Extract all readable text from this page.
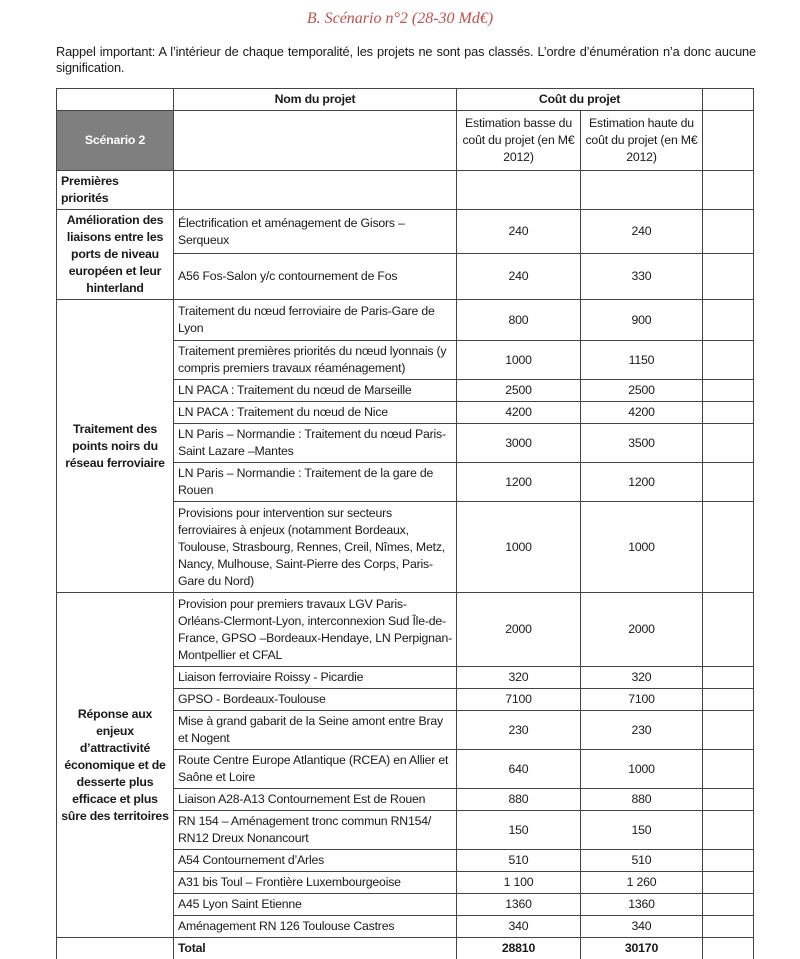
B. Scénario n°2 (28-30 Md€)
Rappel important: A l’intérieur de chaque temporalité, les projets ne sont pas classés. L’ordre d’énumération n’a donc aucune signification.
	Nom du projet	Coût du projet		
Scénario 2		Estimation basse du coût du projet (en M€ 2012)	Estimation haute du coût du projet (en M€ 2012)	
Premières priorités				
Amélioration des liaisons entre les ports de niveau européen et leur hinterland	Électrification et aménagement de Gisors – Serqueux	240	240	
	A56 Fos-Salon y/c contournement de Fos	240	330	
Traitement des points noirs du réseau ferroviaire	Traitement du nœud ferroviaire de Paris-Gare de Lyon	800	900	
	Traitement premières priorités du nœud lyonnais (y compris premiers travaux réaménagement)	1000	1150	
	LN PACA : Traitement du nœud de Marseille	2500	2500	
	LN PACA : Traitement du nœud de Nice	4200	4200	
	LN Paris – Normandie : Traitement du nœud Paris-Saint Lazare –Mantes	3000	3500	
	LN Paris – Normandie : Traitement de la gare de Rouen	1200	1200	
	Provisions pour intervention sur secteurs ferroviaires à enjeux (notamment Bordeaux, Toulouse, Strasbourg, Rennes, Creil, Nîmes, Metz, Nancy, Mulhouse, Saint-Pierre des Corps, Paris-Gare du Nord)	1000	1000	
Réponse aux enjeux d’attractivité économique et de desserte plus efficace et plus sûre des territoires	Provision pour premiers travaux LGV Paris-Orléans-Clermont-Lyon, interconnexion Sud Île-de-France, GPSO –Bordeaux-Hendaye, LN Perpignan-Montpellier et CFAL	2000	2000	
	Liaison ferroviaire Roissy - Picardie	320	320	
	GPSO - Bordeaux-Toulouse	7100	7100	
	Mise à grand gabarit de la Seine amont entre Bray et Nogent	230	230	
	Route Centre Europe Atlantique (RCEA) en Allier et Saône et Loire	640	1000	
	Liaison A28-A13 Contournement Est de Rouen	880	880	
	RN 154 – Aménagement tronc commun RN154/ RN12 Dreux Nonancourt	150	150	
	A54 Contournement d’Arles	510	510	
	A31 bis Toul – Frontière Luxembourgeoise	1 100	1 260	
	A45 Lyon Saint Etienne	1360	1360	
	Aménagement RN 126 Toulouse Castres	340	340	
	Total	28810	30170	
